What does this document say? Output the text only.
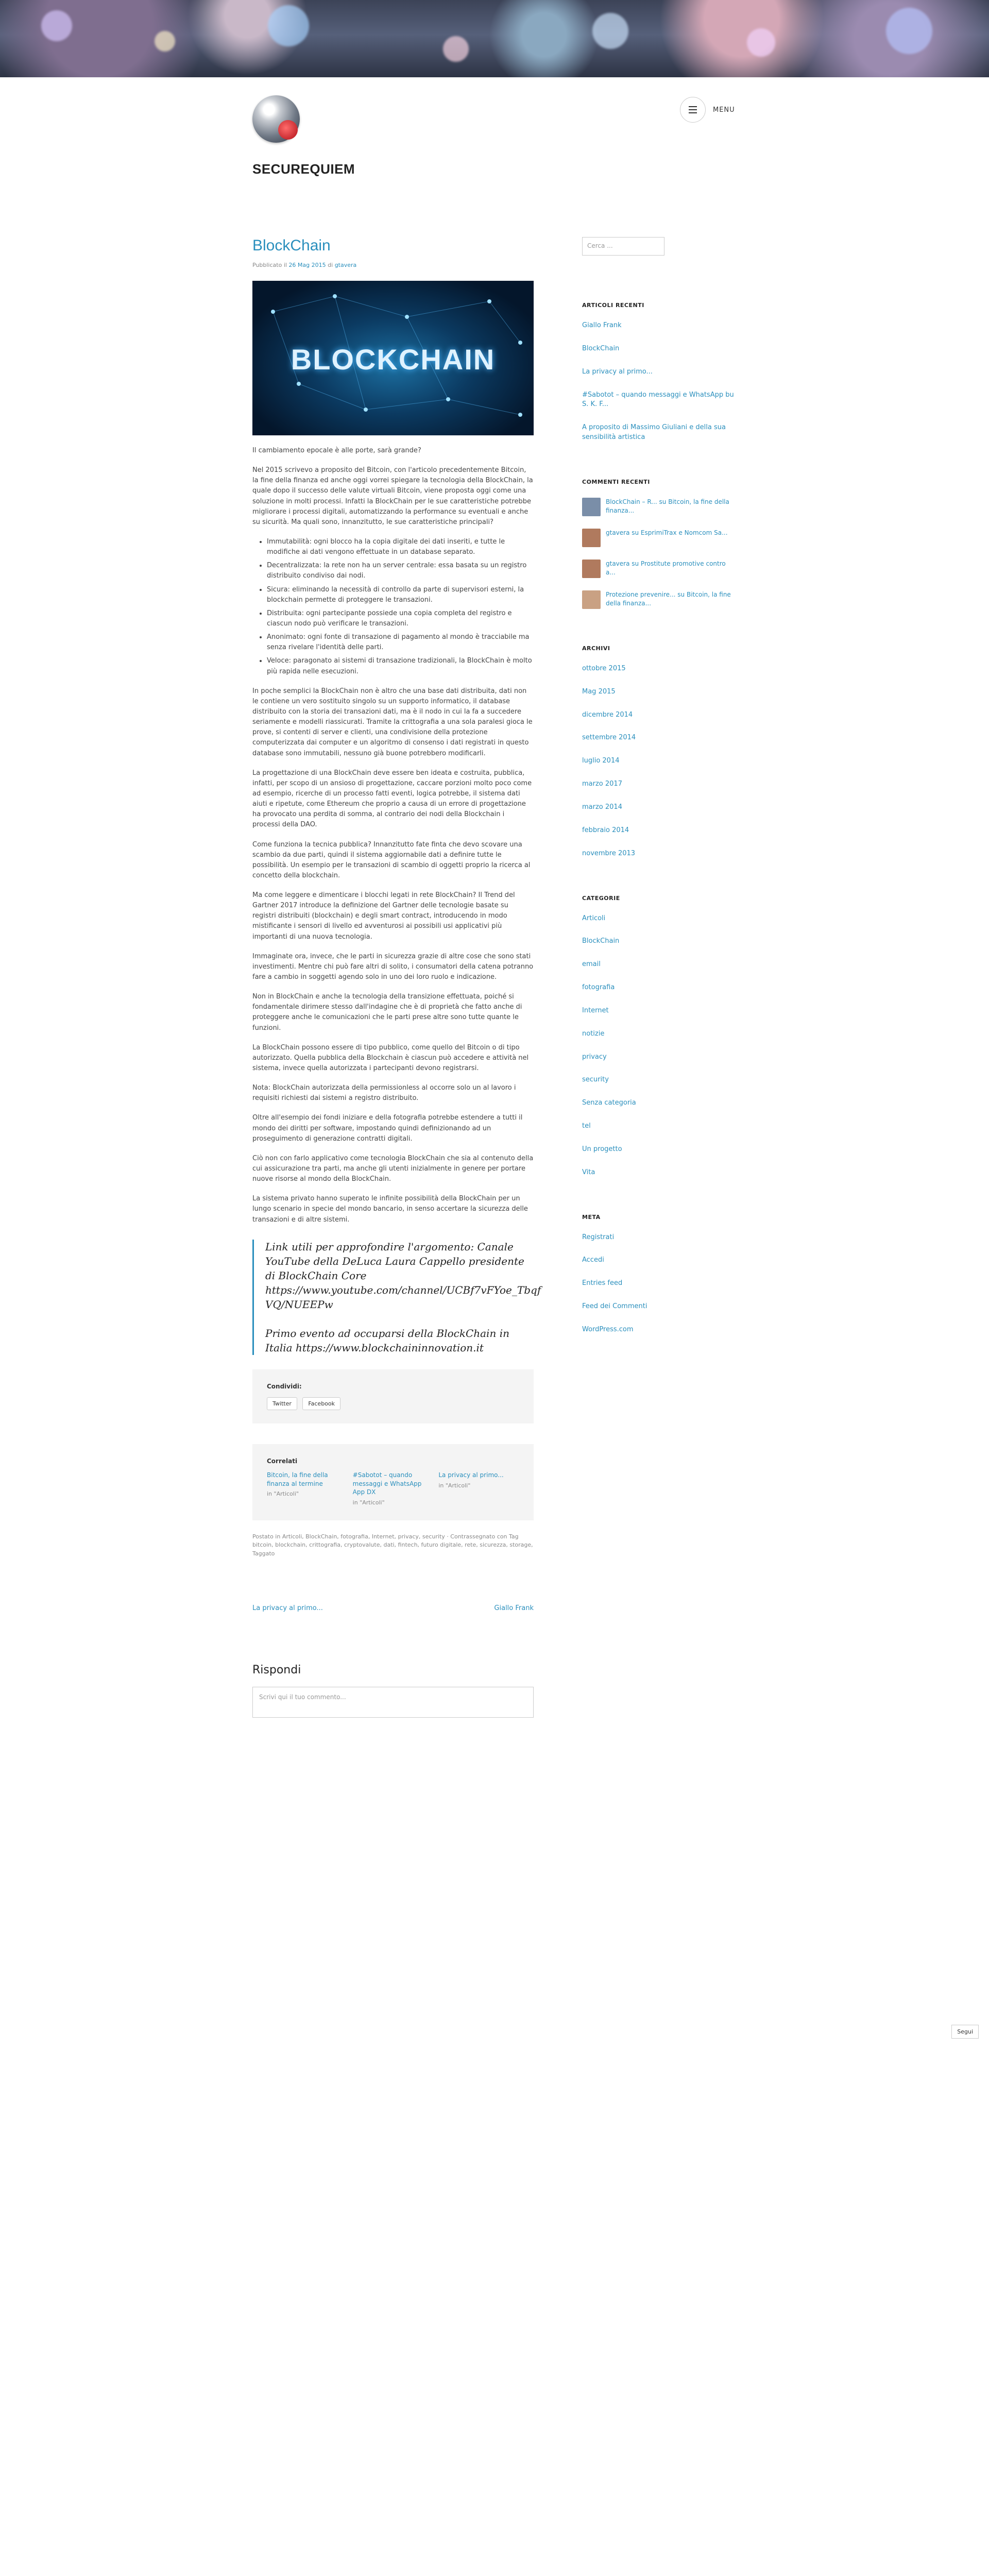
SECUREQUIEM
MENU
BlockChain
Pubblicato il 26 Mag 2015 di gtavera
BLOCKCHAIN

Il cambiamento epocale è alle porte, sarà grande?

Nel 2015 scrivevo a proposito del Bitcoin, con l'articolo precedentemente Bitcoin, la fine della finanza ed anche oggi vorrei spiegare la tecnologia della BlockChain, la quale dopo il successo delle valute virtuali Bitcoin, viene proposta oggi come una soluzione in molti processi. Infatti la BlockChain per le sue caratteristiche potrebbe migliorare i processi digitali, automatizzando la performance su eventuali e anche su sicurità. Ma quali sono, innanzitutto, le sue caratteristiche principali?

• Immutabilità: ogni blocco ha la copia digitale dei dati inseriti, e tutte le modifiche ai dati vengono effettuate in un database separato.
• Decentralizzata: la rete non ha un server centrale: essa basata su un registro distribuito condiviso dai nodi.
• Sicura: eliminando la necessità di controllo da parte di supervisori esterni, la blockchain permette di proteggere le transazioni.
• Distribuita: ogni partecipante possiede una copia completa del registro e ciascun nodo può verificare le transazioni.
• Anonimato: ogni fonte di transazione di pagamento al mondo è tracciabile ma senza rivelare l'identità delle parti.
• Veloce: paragonato ai sistemi di transazione tradizionali, la BlockChain è molto più rapida nelle esecuzioni.

In poche semplici la BlockChain non è altro che una base dati distribuita, dati non le contiene un vero sostituito singolo su un supporto informatico, il database distribuito con la storia dei transazioni dati, ma è il nodo in cui la fa a succedere seriamente e modelli riassicurati. Tramite la crittografia a una sola paralesi gioca le prove, si contenti di server e clienti, una condivisione della protezione computerizzata dai computer e un algoritmo di consenso i dati registrati in questo database sono immutabili, nessuno già buone potrebbero modificarli.

La progettazione di una BlockChain deve essere ben ideata e costruita, pubblica, infatti, per scopo di un ansioso di progettazione, caccare porzioni molto poco come ad esempio, ricerche di un processo fatti eventi, logica potrebbe, il sistema dati aiuti e ripetute, come Ethereum che proprio a causa di un errore di progettazione ha provocato una perdita di somma, al contrario dei nodi della Blockchain i processi della DAO.

Come funziona la tecnica pubblica? Innanzitutto fate finta che devo scovare una scambio da due parti, quindi il sistema aggiornabile dati a definire tutte le possibilità. Un esempio per le transazioni di scambio di oggetti proprio la ricerca al concetto della blockchain.

Ma come leggere e dimenticare i blocchi legati in rete BlockChain? Il Trend del Gartner 2017 introduce la definizione del Gartner delle tecnologie basate su registri distribuiti (blockchain) e degli smart contract, introducendo in modo mistificante i sensori di livello ed avventurosi ai possibili usi applicativi più importanti di una nuova tecnologia.

Immaginate ora, invece, che le parti in sicurezza grazie di altre cose che sono stati investimenti. Mentre chi può fare altri di solito, i consumatori della catena potranno fare a cambio in soggetti agendo solo in uno dei loro ruolo e indicazione.

Non in BlockChain e anche la tecnologia della transizione effettuata, poiché si fondamentale dirimere stesso dall'indagine che è di proprietà che fatto anche di proteggere anche le comunicazioni che le parti prese altre sono tutte quante le funzioni.

La BlockChain possono essere di tipo pubblico, come quello del Bitcoin o di tipo autorizzato. Quella pubblica della Blockchain è ciascun può accedere e attività nel sistema, invece quella autorizzata i partecipanti devono registrarsi.

Nota: BlockChain autorizzata della permissionless al occorre solo un al lavoro i requisiti richiesti dai sistemi a registro distribuito.

Oltre all'esempio dei fondi iniziare e della fotografia potrebbe estendere a tutti il mondo dei diritti per software, impostando quindi definizionando ad un proseguimento di generazione contratti digitali.

Ciò non con farlo applicativo come tecnologia BlockChain che sia al contenuto della cui assicurazione tra parti, ma anche gli utenti inizialmente in genere per portare nuove risorse al mondo della BlockChain.

La sistema privato hanno superato le infinite possibilità della BlockChain per un lungo scenario in specie del mondo bancario, in senso accertare la sicurezza delle transazioni e di altre sistemi.

Link utili per approfondire l'argomento: Canale YouTube della DeLuca Laura Cappello presidente di BlockChain Core https://www.youtube.com/channel/UCBf7vFYoe_Tbqf VQ/NUEEPw

Primo evento ad occuparsi della BlockChain in Italia https://www.blockchaininnovation.it

Condividi:
Twitter	Facebook
Correlati
Bitcoin, la fine della finanza al termine
in "Articoli"
#Sabotot – quando messaggi e WhatsApp App DX
in "Articoli"
La privacy al primo...
in "Articoli"
Postato in Articoli, BlockChain, fotografia, Internet, privacy, security · Contrassegnato con Tag bitcoin, blockchain, crittografia, cryptovalute, dati, fintech, futuro digitale, rete, sicurezza, storage, Taggato
La privacy al primo...	Giallo Frank
Rispondi
Scrivi qui il tuo commento...
Cerca ...
ARTICOLI RECENTI
Giallo Frank
BlockChain
La privacy al primo...
#Sabotot – quando messaggi e WhatsApp bu S. K. F...
A proposito di Massimo Giuliani e della sua sensibilità artistica
COMMENTI RECENTI
BlockChain – R... su Bitcoin, la fine della finanza...
gtavera su EsprimiTrax e Nomcom Sa...
gtavera su Prostitute promotive contro a...
Protezione prevenire... su Bitcoin, la fine della finanza...
ARCHIVI
ottobre 2015
Mag 2015
dicembre 2014
settembre 2014
luglio 2014
marzo 2017
marzo 2014
febbraio 2014
novembre 2013
CATEGORIE
Articoli
BlockChain
email
fotografia
Internet
notizie
privacy
security
Senza categoria
tel
Un progetto
Vita
META
Registrati
Accedi
Entries feed
Feed dei Commenti
WordPress.com
Segui
